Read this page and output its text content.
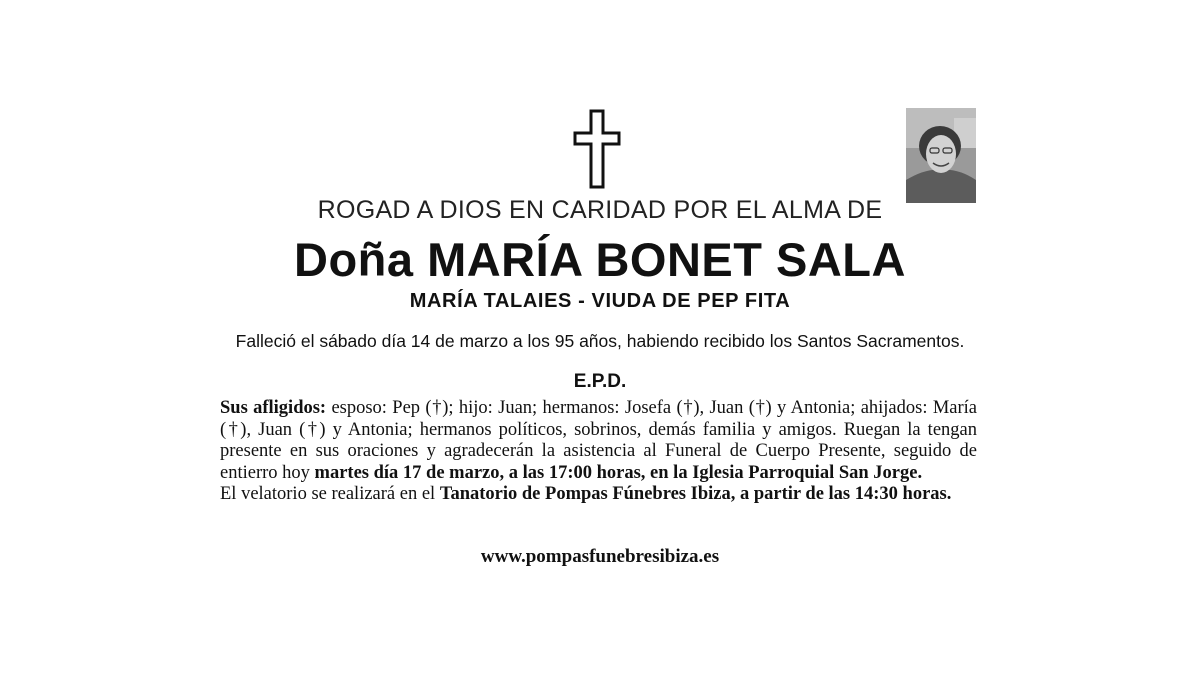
ROGAD A DIOS EN CARIDAD POR EL ALMA DE
Doña MARÍA BONET SALA
MARÍA TALAIES - VIUDA DE PEP FITA
Falleció el sábado día 14 de marzo a los 95 años, habiendo recibido los Santos Sacramentos.
E.P.D.
Sus afligidos: esposo: Pep (†); hijo: Juan; hermanos: Josefa (†), Juan (†) y Antonia; ahijados: María (†), Juan (†) y Antonia; hermanos políticos, sobrinos, demás familia y amigos. Ruegan la tengan presente en sus oraciones y agradecerán la asistencia al Funeral de Cuerpo Presente, seguido de entierro hoy martes día 17 de marzo, a las 17:00 horas, en la Iglesia Parroquial San Jorge.
El velatorio se realizará en el Tanatorio de Pompas Fúnebres Ibiza, a partir de las 14:30 horas.
www.pompasfunebresibiza.es
